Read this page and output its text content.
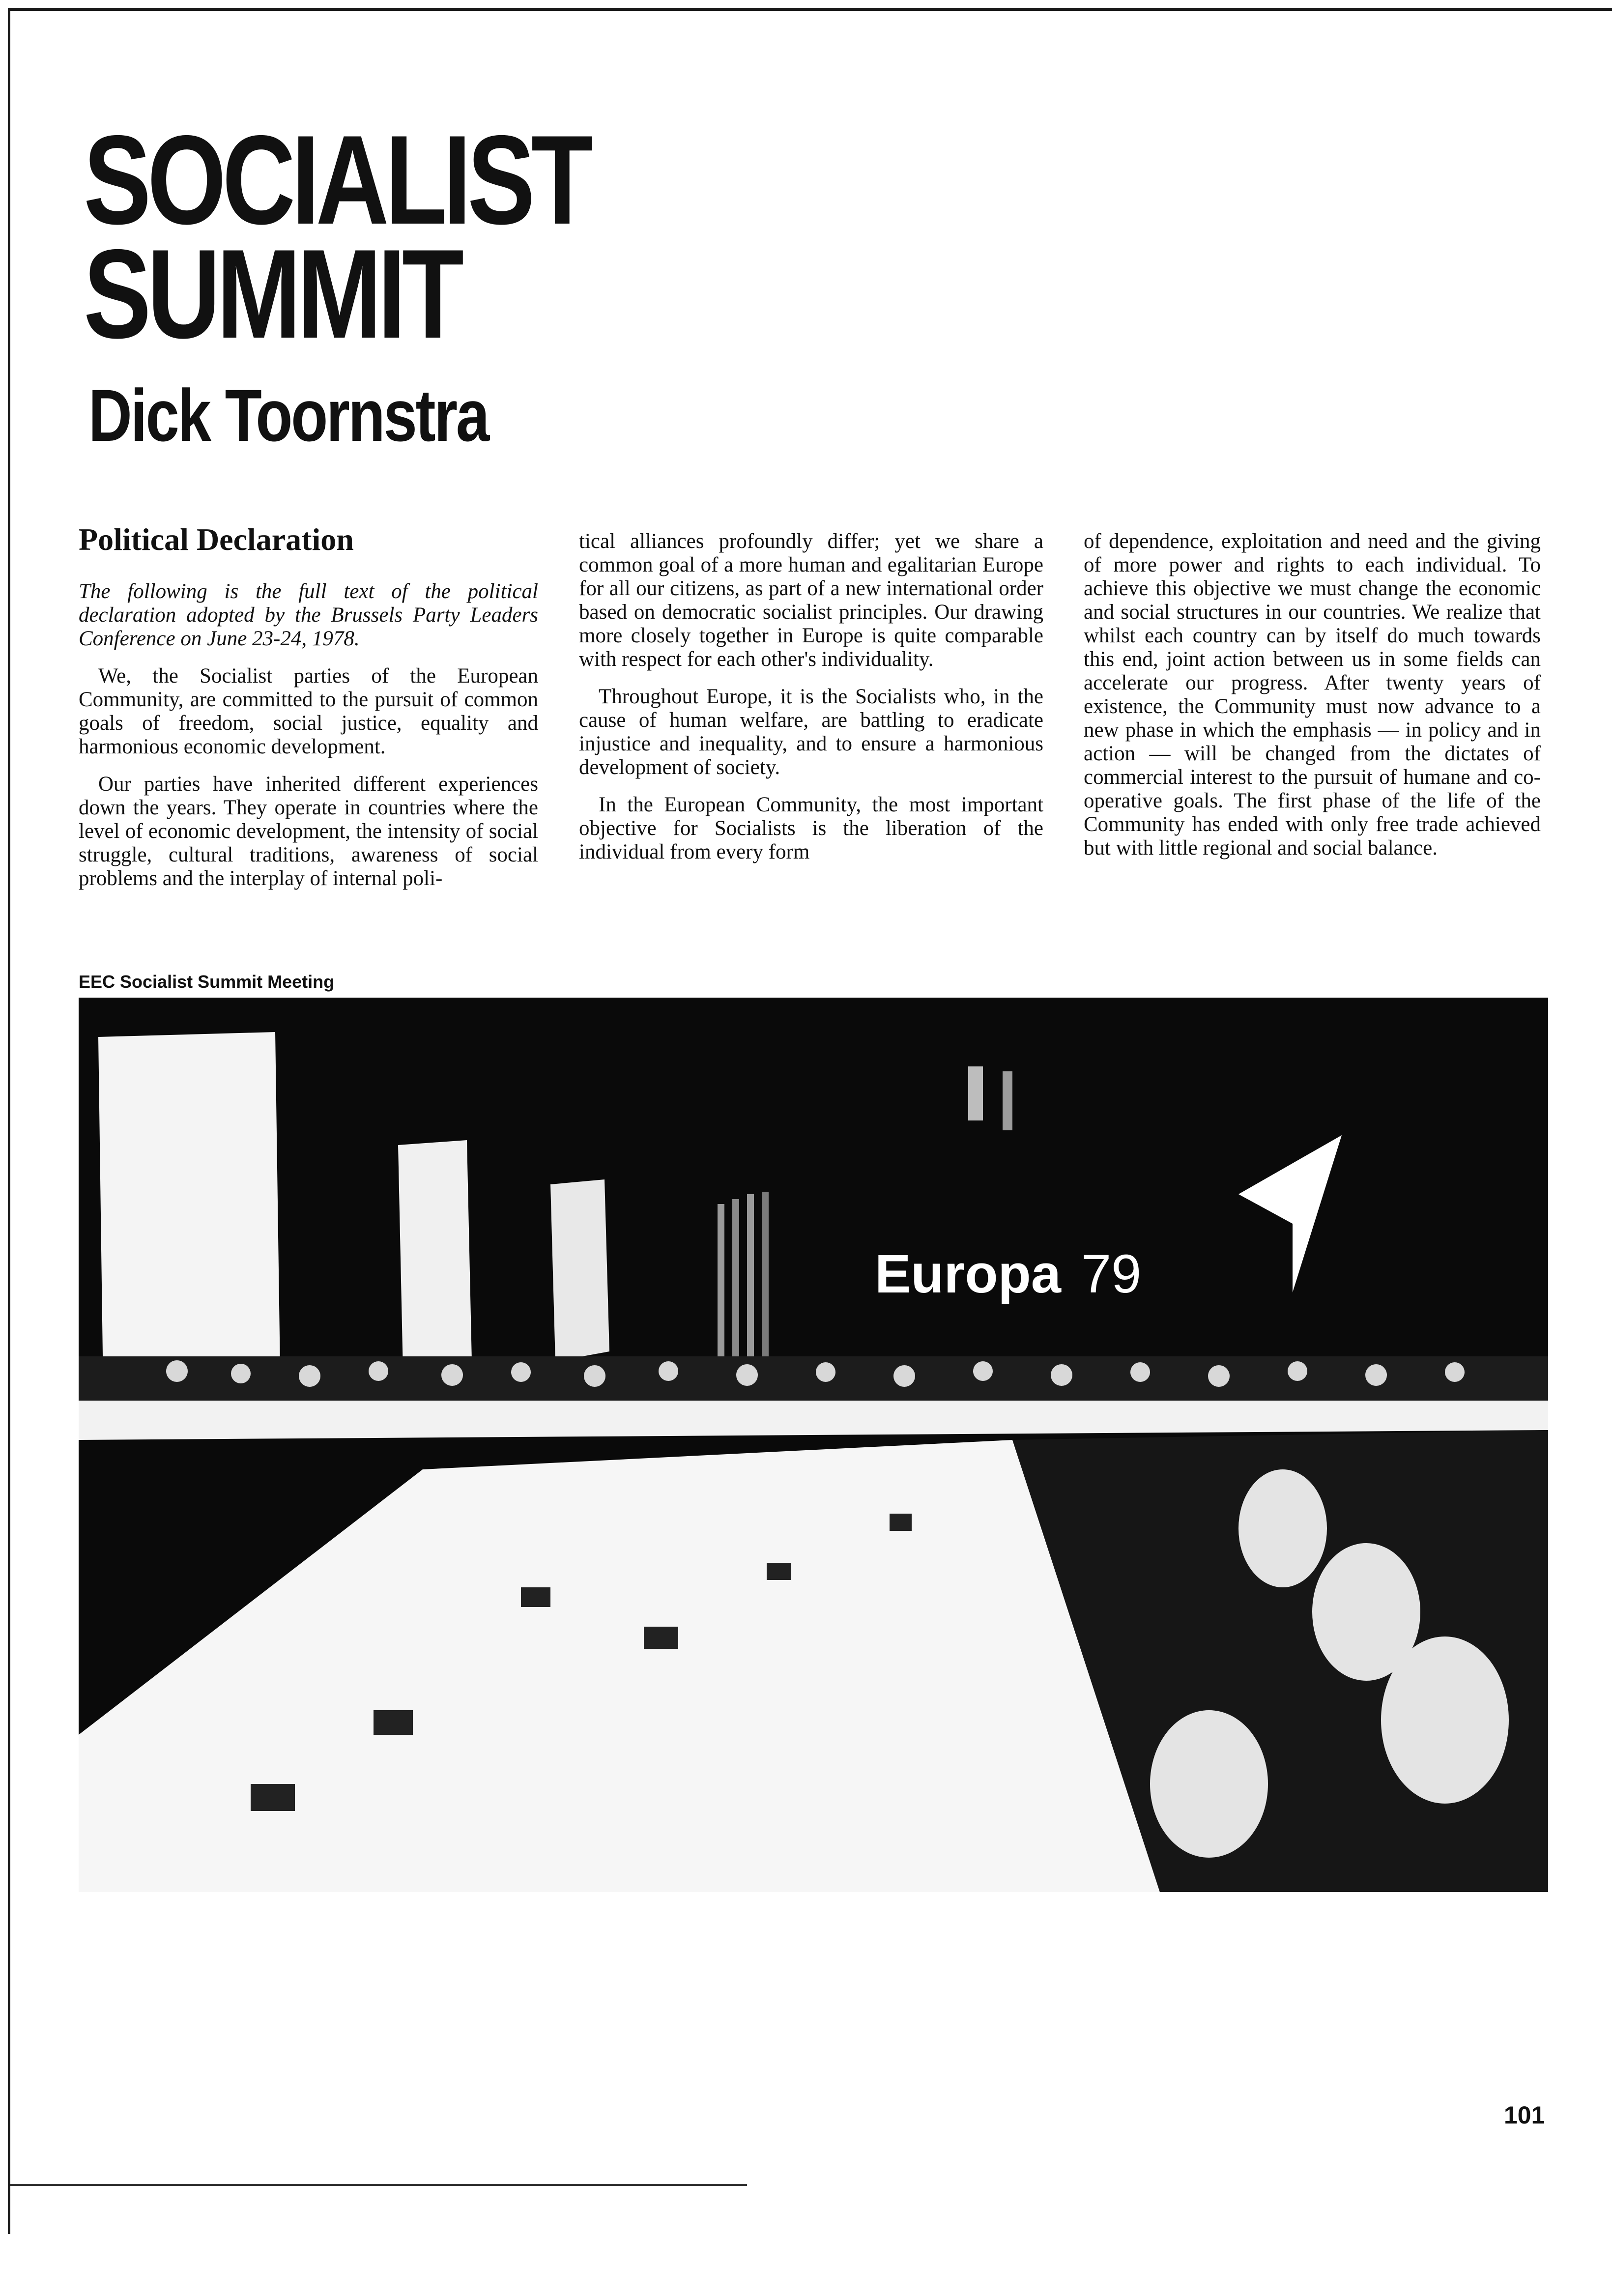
SOCIALIST
SUMMIT
Dick Toornstra
Political Declaration

The following is the full text of the political declaration adopted by the Brussels Party Leaders Conference on June 23-24, 1978.

We, the Socialist parties of the European Community, are committed to the pursuit of common goals of freedom, social justice, equality and harmonious economic development.

Our parties have inherited different experiences down the years. They operate in countries where the level of economic development, the intensity of social struggle, cultural traditions, awareness of social problems and the interplay of internal poli-

tical alliances profoundly differ; yet we share a common goal of a more human and egalitarian Europe for all our citizens, as part of a new international order based on democratic socialist principles. Our drawing more closely together in Europe is quite comparable with respect for each other's individuality.

Throughout Europe, it is the Socialists who, in the cause of human welfare, are battling to eradicate injustice and inequality, and to ensure a harmonious development of society.

In the European Community, the most important objective for Socialists is the liberation of the individual from every form

of dependence, exploitation and need and the giving of more power and rights to each individual. To achieve this objective we must change the economic and social structures in our countries. We realize that whilst each country can by itself do much towards this end, joint action between us in some fields can accelerate our progress. After twenty years of existence, the Community must now advance to a new phase in which the emphasis — in policy and in action — will be changed from the dictates of commercial interest to the pursuit of humane and co-operative goals. The first phase of the life of the Community has ended with only free trade achieved but with little regional and social balance.

EEC Socialist Summit Meeting

Europa 79

101
